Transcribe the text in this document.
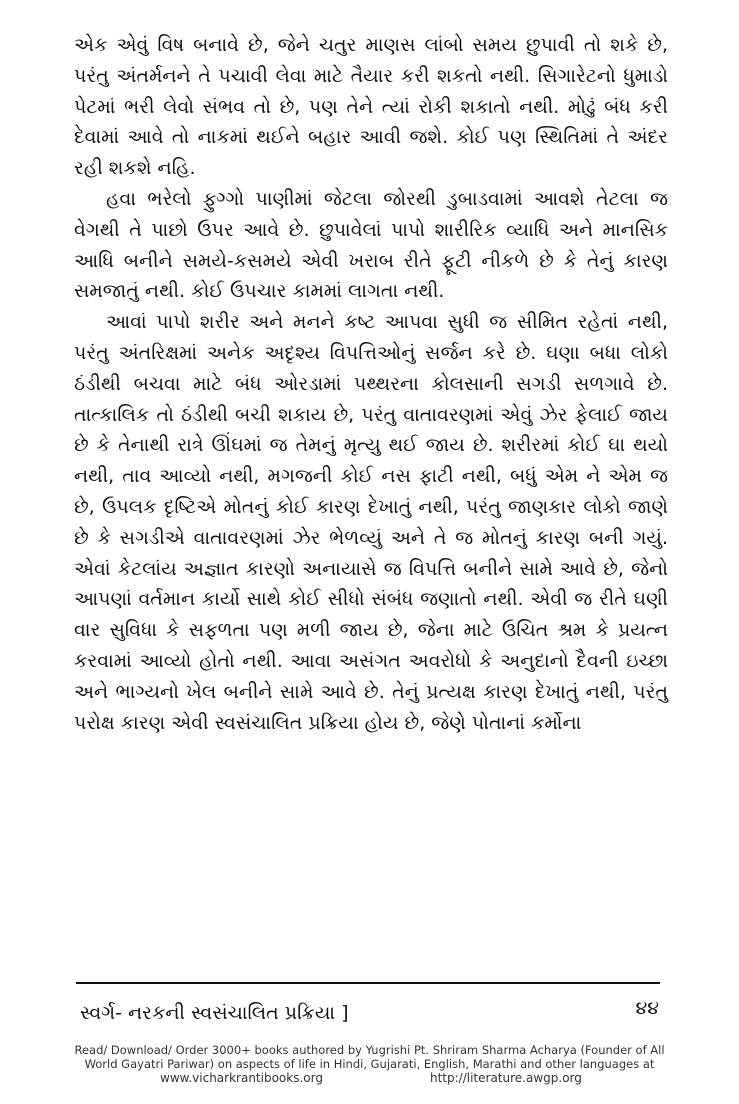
એક એવું વિષ બનાવે છે, જેને ચતુર માણસ લાંબો સમય છુપાવી તો શકે છે, પરંતુ અંતર્મનને તે પચાવી લેવા માટે તૈયાર કરી શકતો નથી. સિગારેટનો ધુમાડો પેટમાં ભરી લેવો સંભવ તો છે, પણ તેને ત્યાં રોકી શકાતો નથી. મોઢું બંધ કરી દેવામાં આવે તો નાકમાં થઈને બહાર આવી જશે. કોઈ પણ સ્થિતિમાં તે અંદર રહી શકશે નહિ.

હવા ભરેલો ફુગ્ગો પાણીમાં જેટલા જોરથી ડુબાડવામાં આવશે તેટલા જ વેગથી તે પાછો ઉપર આવે છે. છુપાવેલાં પાપો શારીરિક વ્યાધિ અને માનસિક આધિ બનીને સમયે-કસમયે એવી ખરાબ રીતે ફૂટી નીકળે છે કે તેનું કારણ સમજાતું નથી. કોઈ ઉપચાર કામમાં લાગતા નથી.

આવાં પાપો શરીર અને મનને કષ્ટ આપવા સુધી જ સીમિત રહેતાં નથી, પરંતુ અંતરિક્ષમાં અનેક અદૃશ્ય વિપત્તિઓનું સર્જન કરે છે. ઘણા બધા લોકો ઠંડીથી બચવા માટે બંધ ઓરડામાં પથ્થરના કોલસાની સગડી સળગાવે છે. તાત્કાલિક તો ઠંડીથી બચી શકાય છે, પરંતુ વાતાવરણમાં એવું ઝેર ફેલાઈ જાય છે કે તેનાથી રાત્રે ઊંઘમાં જ તેમનું મૃત્યુ થઈ જાય છે. શરીરમાં કોઈ ઘા થયો નથી, તાવ આવ્યો નથી, મગજની કોઈ નસ ફાટી નથી, બધું એમ ને એમ જ છે, ઉપલક દૃષ્ટિએ મોતનું કોઈ કારણ દેખાતું નથી, પરંતુ જાણકાર લોકો જાણે છે કે સગડીએ વાતાવરણમાં ઝેર ભેળવ્યું અને તે જ મોતનું કારણ બની ગયું. એવાં કેટલાંય અજ્ઞાત કારણો અનાયાસે જ વિપત્તિ બનીને સામે આવે છે, જેનો આપણાં વર્તમાન કાર્યો સાથે કોઈ સીધો સંબંધ જણાતો નથી. એવી જ રીતે ઘણી વાર સુવિધા કે સફળતા પણ મળી જાય છે, જેના માટે ઉચિત શ્રમ કે પ્રયત્ન કરવામાં આવ્યો હોતો નથી. આવા અસંગત અવરોધો કે અનુદાનો દૈવની ઇચ્છા અને ભાગ્યનો ખેલ બનીને સામે આવે છે. તેનું પ્રત્યક્ષ કારણ દેખાતું નથી, પરંતુ પરોક્ષ કારણ એવી સ્વસંચાલિત પ્રક્રિયા હોય છે, જેણે પોતાનાં કર્મોના

સ્વર્ગ- નરકની સ્વસંચાલિત પ્રક્રિયા ]	૪૪
Read/ Download/ Order 3000+ books authored by Yugrishi Pt. Shriram Sharma Acharya (Founder of All
World Gayatri Pariwar) on aspects of life in Hindi, Gujarati, English, Marathi and other languages at
www.vicharkrantibooks.org	http://literature.awgp.org
